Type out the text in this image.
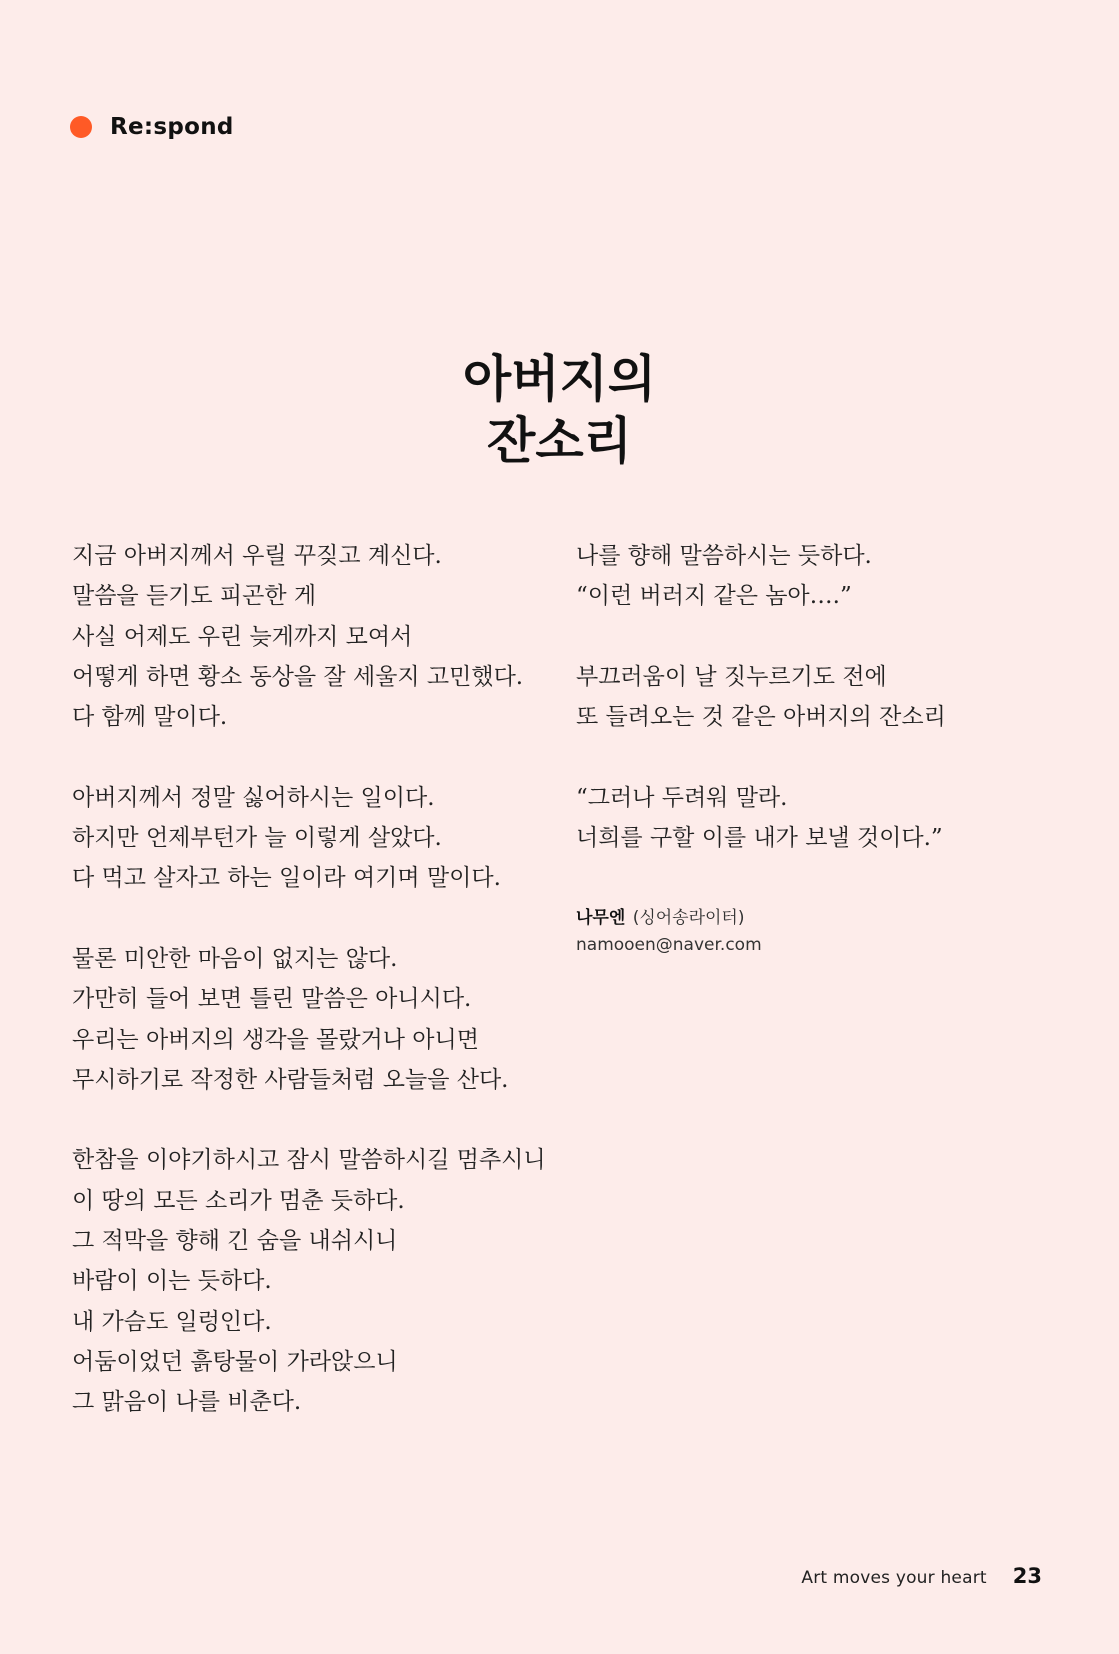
Re:spond
아버지의
잔소리
지금 아버지께서 우릴 꾸짖고 계신다.
말씀을 듣기도 피곤한 게
사실 어제도 우린 늦게까지 모여서
어떻게 하면 황소 동상을 잘 세울지 고민했다.
다 함께 말이다.
아버지께서 정말 싫어하시는 일이다.
하지만 언제부턴가 늘 이렇게 살았다.
다 먹고 살자고 하는 일이라 여기며 말이다.
물론 미안한 마음이 없지는 않다.
가만히 들어 보면 틀린 말씀은 아니시다.
우리는 아버지의 생각을 몰랐거나 아니면
무시하기로 작정한 사람들처럼 오늘을 산다.
한참을 이야기하시고 잠시 말씀하시길 멈추시니
이 땅의 모든 소리가 멈춘 듯하다.
그 적막을 향해 긴 숨을 내쉬시니
바람이 이는 듯하다.
내 가슴도 일렁인다.
어둠이었던 흙탕물이 가라앉으니
그 맑음이 나를 비춘다.
나를 향해 말씀하시는 듯하다.
“이런 버러지 같은 놈아….”
부끄러움이 날 짓누르기도 전에
또 들려오는 것 같은 아버지의 잔소리
“그러나 두려워 말라.
너희를 구할 이를 내가 보낼 것이다.”
나무엔 (싱어송라이터)
namooen@naver.com
Art moves your heart 23
